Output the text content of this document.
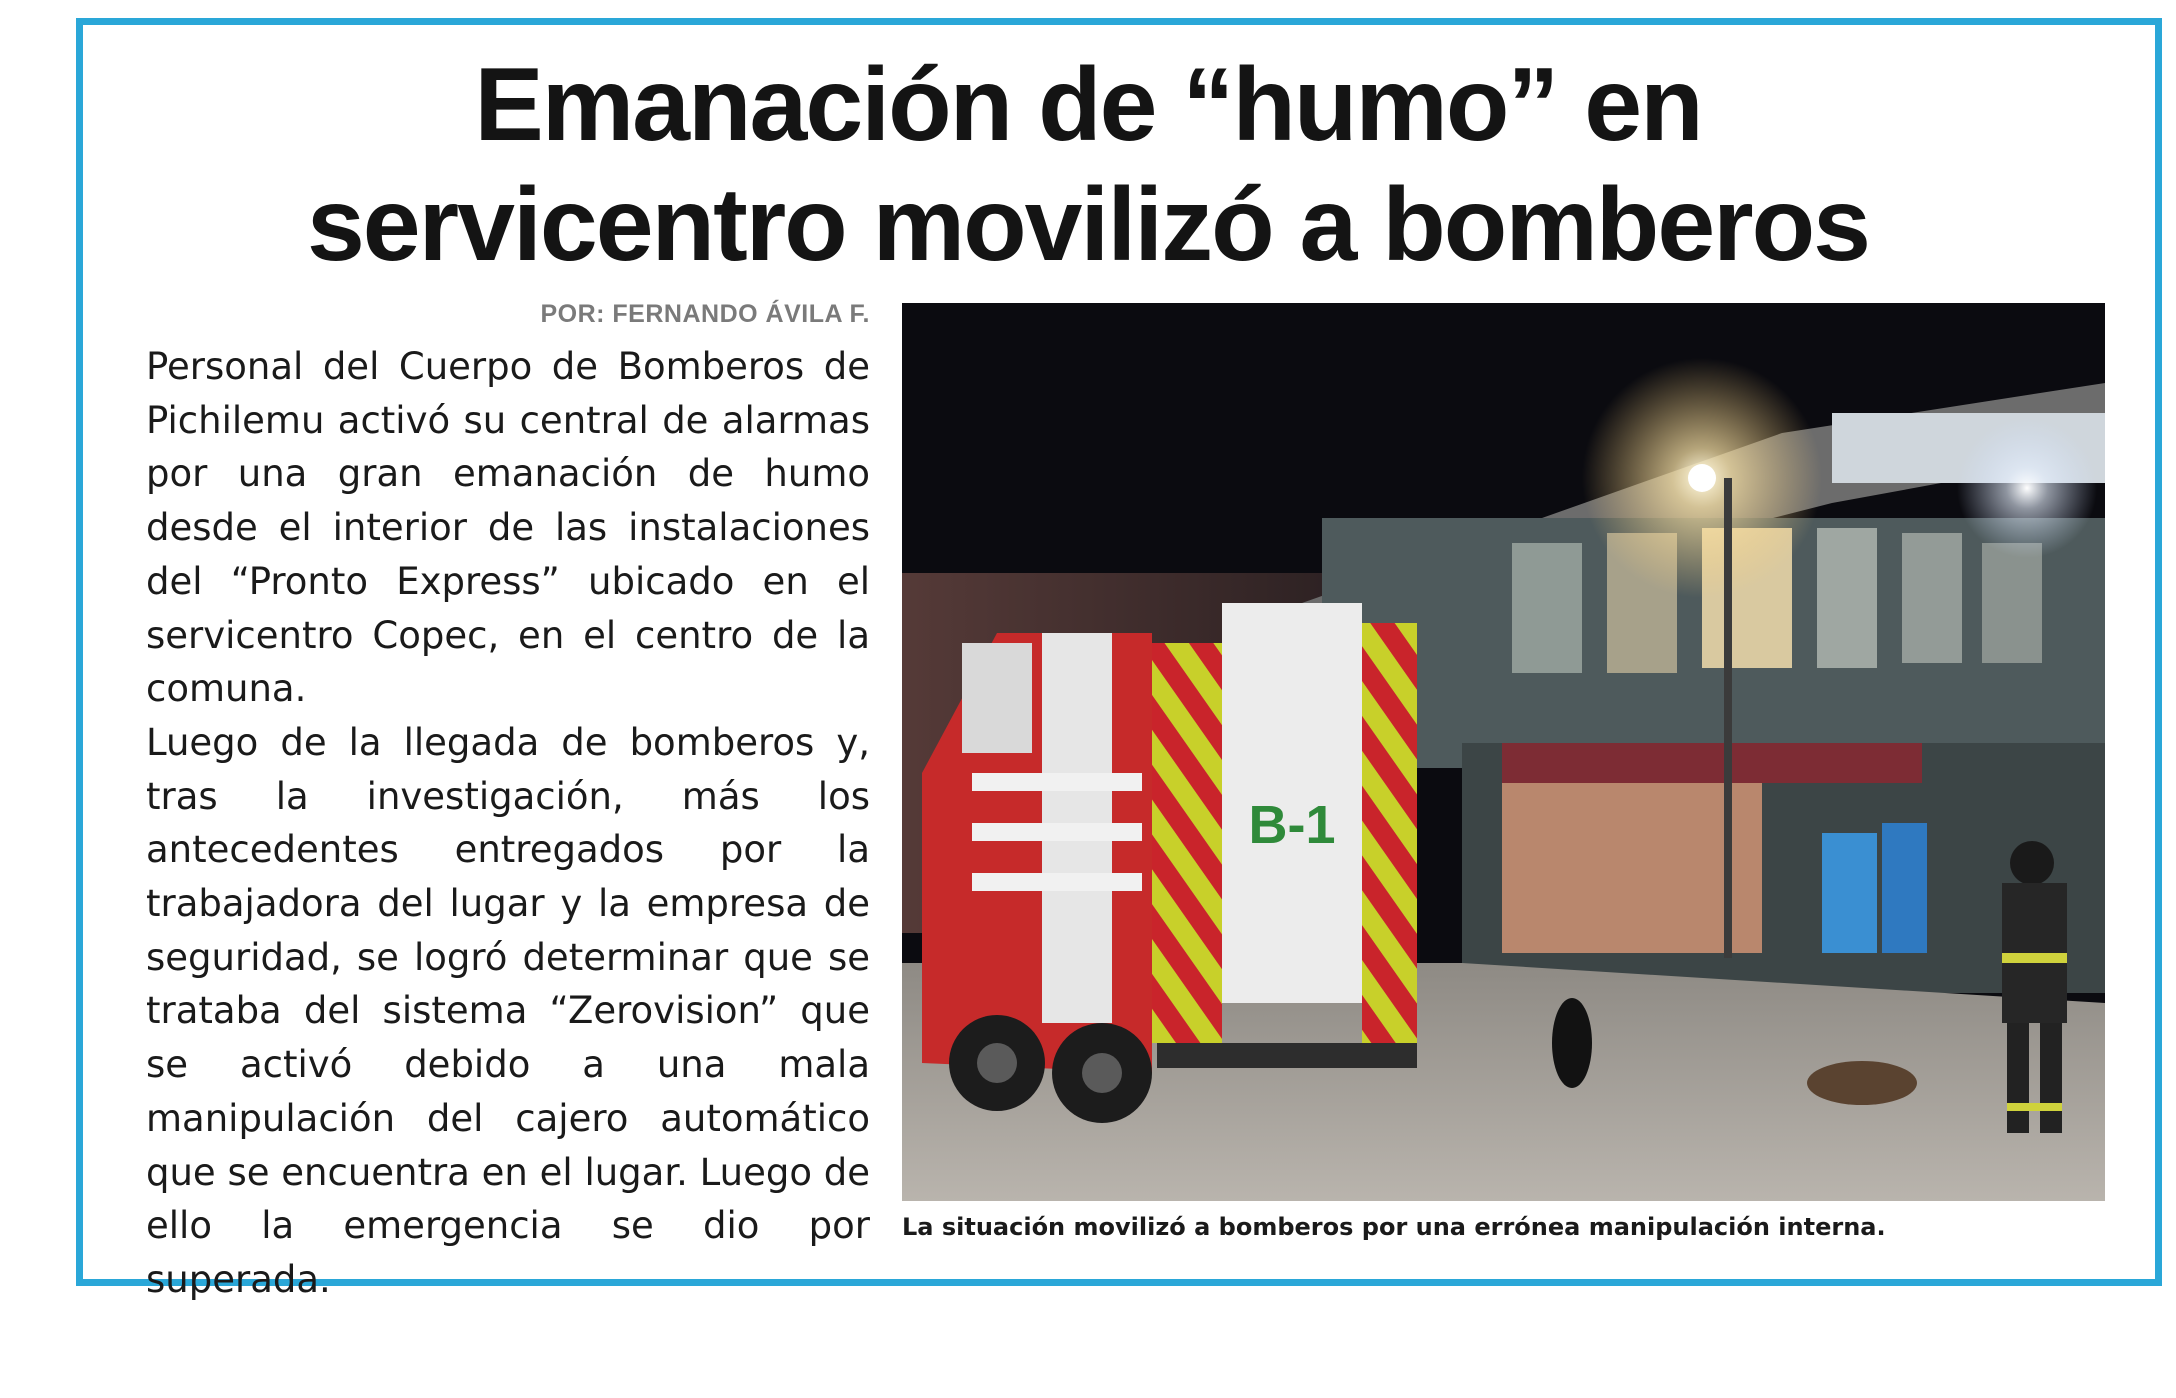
Emanación de “humo” en
servicentro movilizó a bomberos

POR: FERNANDO ÁVILA F.

Personal del Cuerpo de Bomberos de Pichilemu activó su central de alarmas por una gran emanación de humo desde el interior de las instalaciones del “Pronto Express” ubicado en el servicentro Copec, en el centro de la comuna.

Luego de la llegada de bomberos y, tras la investigación, más los antecedentes entregados por la trabajadora del lugar y la empresa de seguridad, se logró determinar que se trataba del sistema “Zerovision” que se activó debido a una mala manipulación del cajero automático que se encuentra en el lugar. Luego de ello la emergencia se dio por superada.

B-1

La situación movilizó a bomberos por una errónea manipulación interna.
